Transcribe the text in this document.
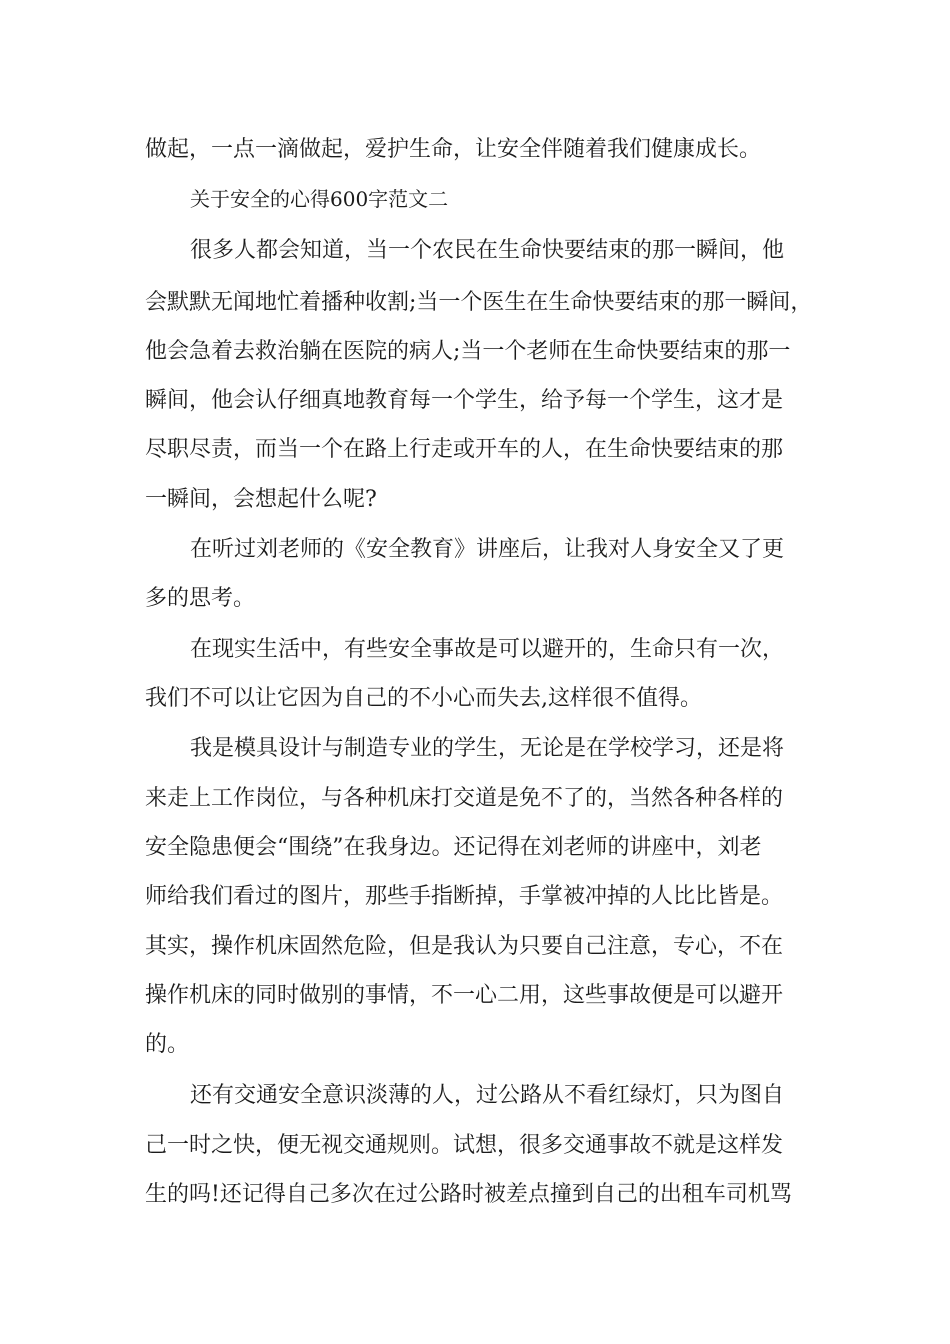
做起，一点一滴做起，爱护生命，让安全伴随着我们健康成长。
关于安全的心得600字范文二
很多人都会知道，当一个农民在生命快要结束的那一瞬间，他
会默默无闻地忙着播种收割;当一个医生在生命快要结束的那一瞬间，
他会急着去救治躺在医院的病人;当一个老师在生命快要结束的那一
瞬间，他会认仔细真地教育每一个学生，给予每一个学生，这才是
尽职尽责，而当一个在路上行走或开车的人，在生命快要结束的那
一瞬间，会想起什么呢?
在听过刘老师的《安全教育》讲座后，让我对人身安全又了更
多的思考。
在现实生活中，有些安全事故是可以避开的，生命只有一次，
我们不可以让它因为自己的不小心而失去,这样很不值得。
我是模具设计与制造专业的学生，无论是在学校学习，还是将
来走上工作岗位，与各种机床打交道是免不了的，当然各种各样的
安全隐患便会“围绕”在我身边。还记得在刘老师的讲座中，刘老
师给我们看过的图片，那些手指断掉，手掌被冲掉的人比比皆是。
其实，操作机床固然危险，但是我认为只要自己注意，专心，不在
操作机床的同时做别的事情，不一心二用，这些事故便是可以避开
的。
还有交通安全意识淡薄的人，过公路从不看红绿灯，只为图自
己一时之快，便无视交通规则。试想，很多交通事故不就是这样发
生的吗!还记得自己多次在过公路时被差点撞到自己的出租车司机骂
